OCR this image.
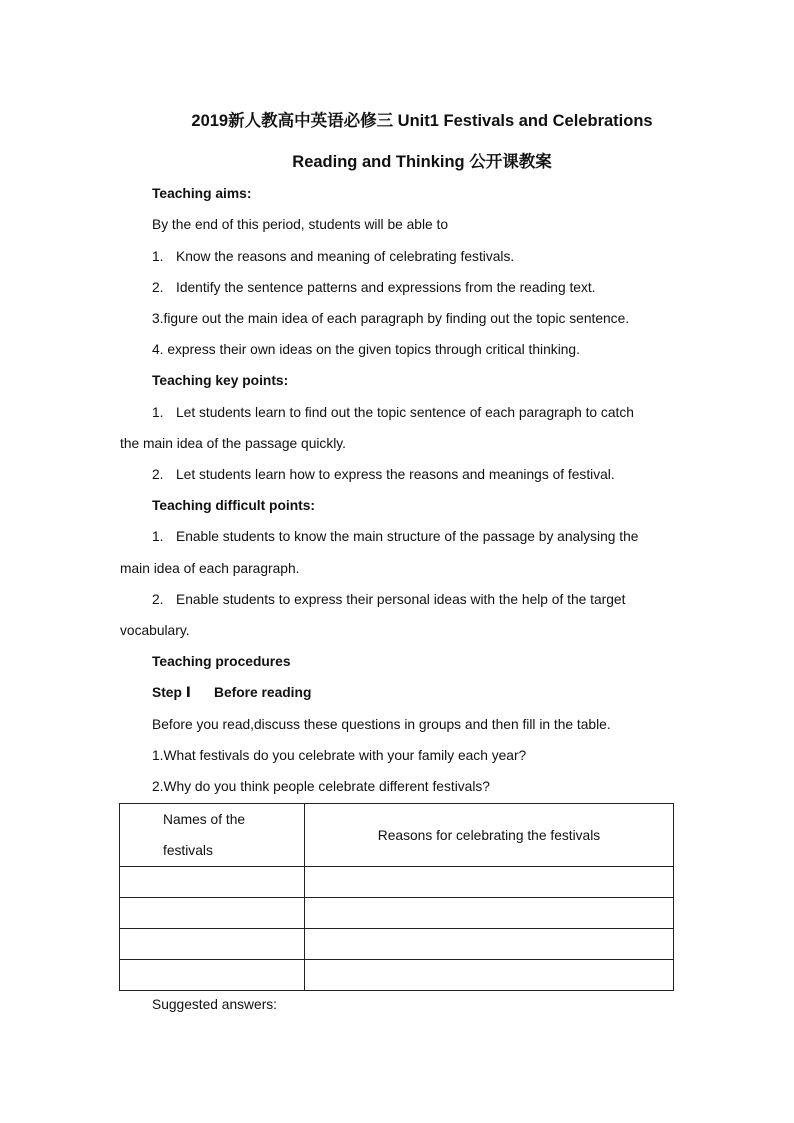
2019新人教高中英语必修三 Unit1 Festivals and Celebrations
Reading and Thinking 公开课教案
Teaching aims:
By the end of this period, students will be able to
1. Know the reasons and meaning of celebrating festivals.
2. Identify the sentence patterns and expressions from the reading text.
3.figure out the main idea of each paragraph by finding out the topic sentence.
4. express their own ideas on the given topics through critical thinking.
Teaching key points:
1. Let students learn to find out the topic sentence of each paragraph to catch
the main idea of the passage quickly.
2. Let students learn how to express the reasons and meanings of festival.
Teaching difficult points:
1. Enable students to know the main structure of the passage by analysing the
main idea of each paragraph.
2. Enable students to express their personal ideas with the help of the target
vocabulary.
Teaching procedures
Step Ⅰ Before reading
Before you read,discuss these questions in groups and then fill in the table.
1.What festivals do you celebrate with your family each year?
2.Why do you think people celebrate different festivals?
Names of the
festivals	Reasons for celebrating the festivals

Suggested answers:
